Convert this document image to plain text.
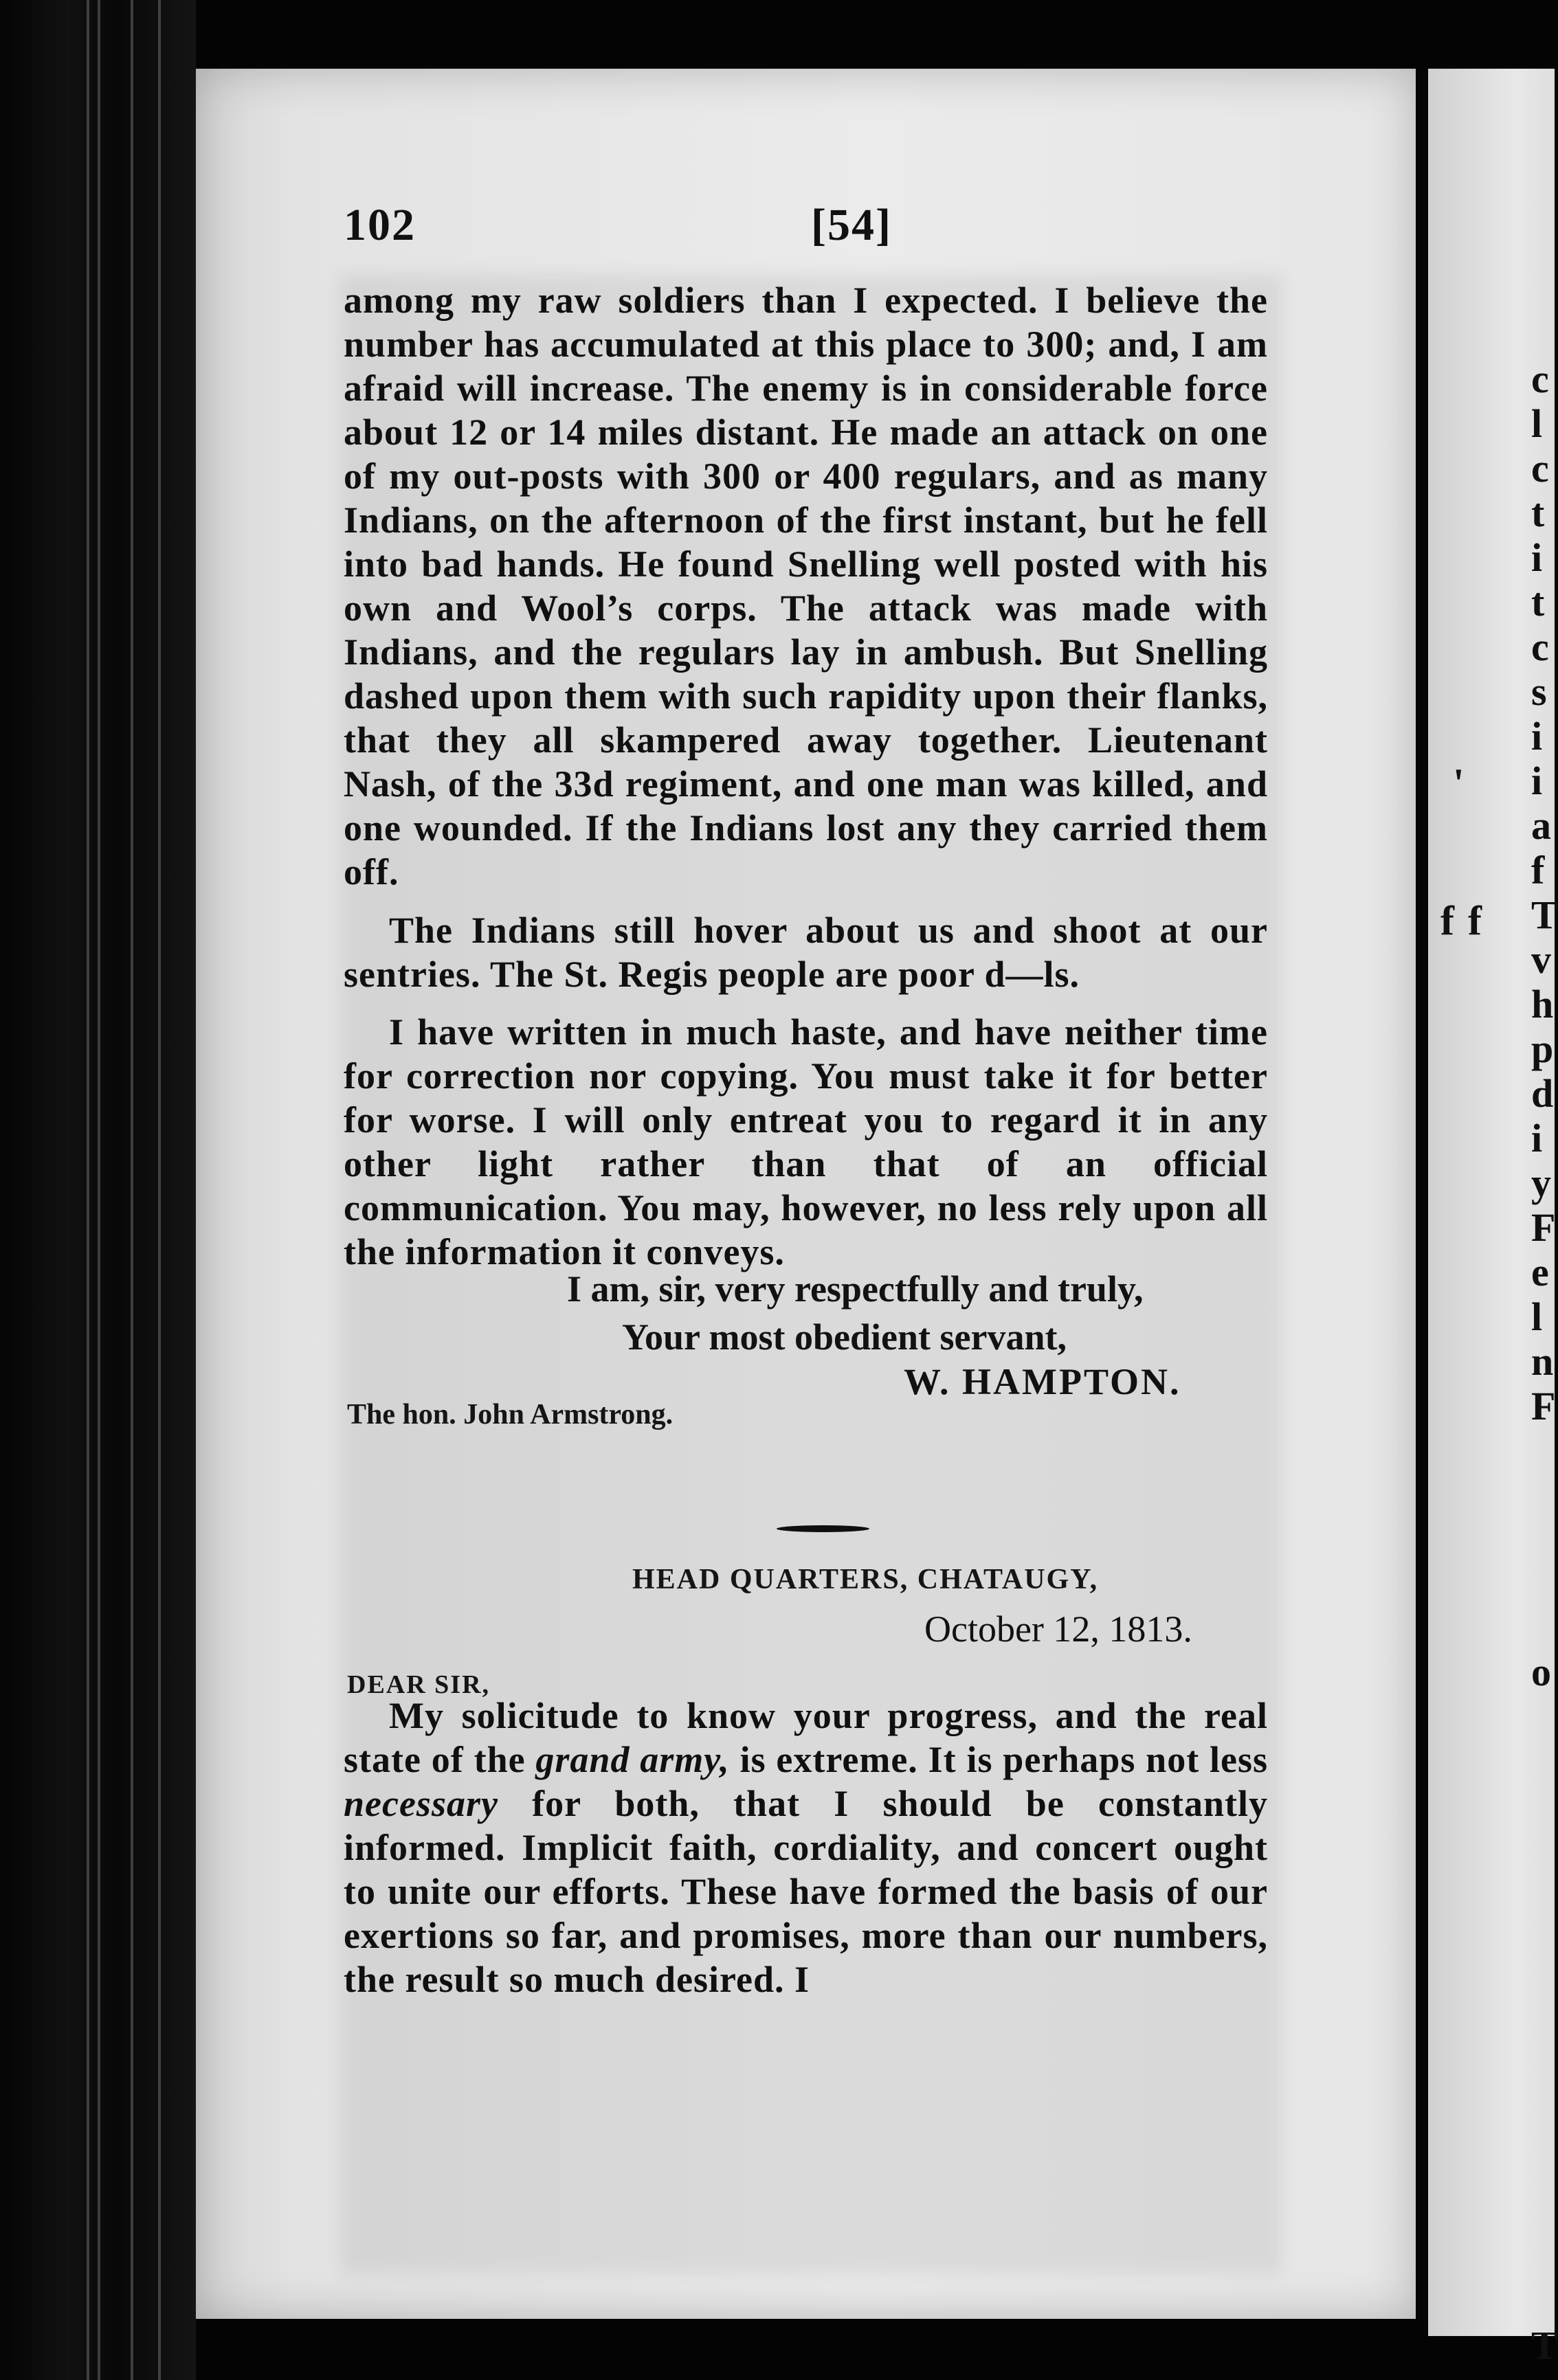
102	[54]

among my raw soldiers than I expected. I believe the number has accumulated at this place to 300; and, I am afraid will increase. The enemy is in considerable force about 12 or 14 miles distant. He made an attack on one of my out-posts with 300 or 400 regulars, and as many Indians, on the afternoon of the first instant, but he fell into bad hands. He found Snelling well posted with his own and Wool’s corps. The attack was made with Indians, and the regulars lay in ambush. But Snelling dashed upon them with such rapidity upon their flanks, that they all skampered away together. Lieutenant Nash, of the 33d regiment, and one man was killed, and one wounded. If the Indians lost any they carried them off.

The Indians still hover about us and shoot at our sentries. The St. Regis people are poor d—ls.

I have written in much haste, and have neither time for correction nor copying. You must take it for better for worse. I will only entreat you to regard it in any other light rather than that of an official communication. You may, however, no less rely upon all the information it conveys.

I am, sir, very respectfully and truly,
Your most obedient servant,
W. HAMPTON.
The hon. John Armstrong.
HEAD QUARTERS, CHATAUGY,
October 12, 1813.
DEAR SIR,

My solicitude to know your progress, and the real state of the grand army, is extreme. It is perhaps not less necessary for both, that I should be constantly informed. Implicit faith, cordiality, and concert ought to unite our efforts. These have formed the basis of our exertions so far, and promises, more than our numbers, the result so much desired. I

c
l
c
t
i
t
c
s
i
i
a
f
T
v
h
p
d
i
y
F
e
l
n
F
o
T
'
f f
